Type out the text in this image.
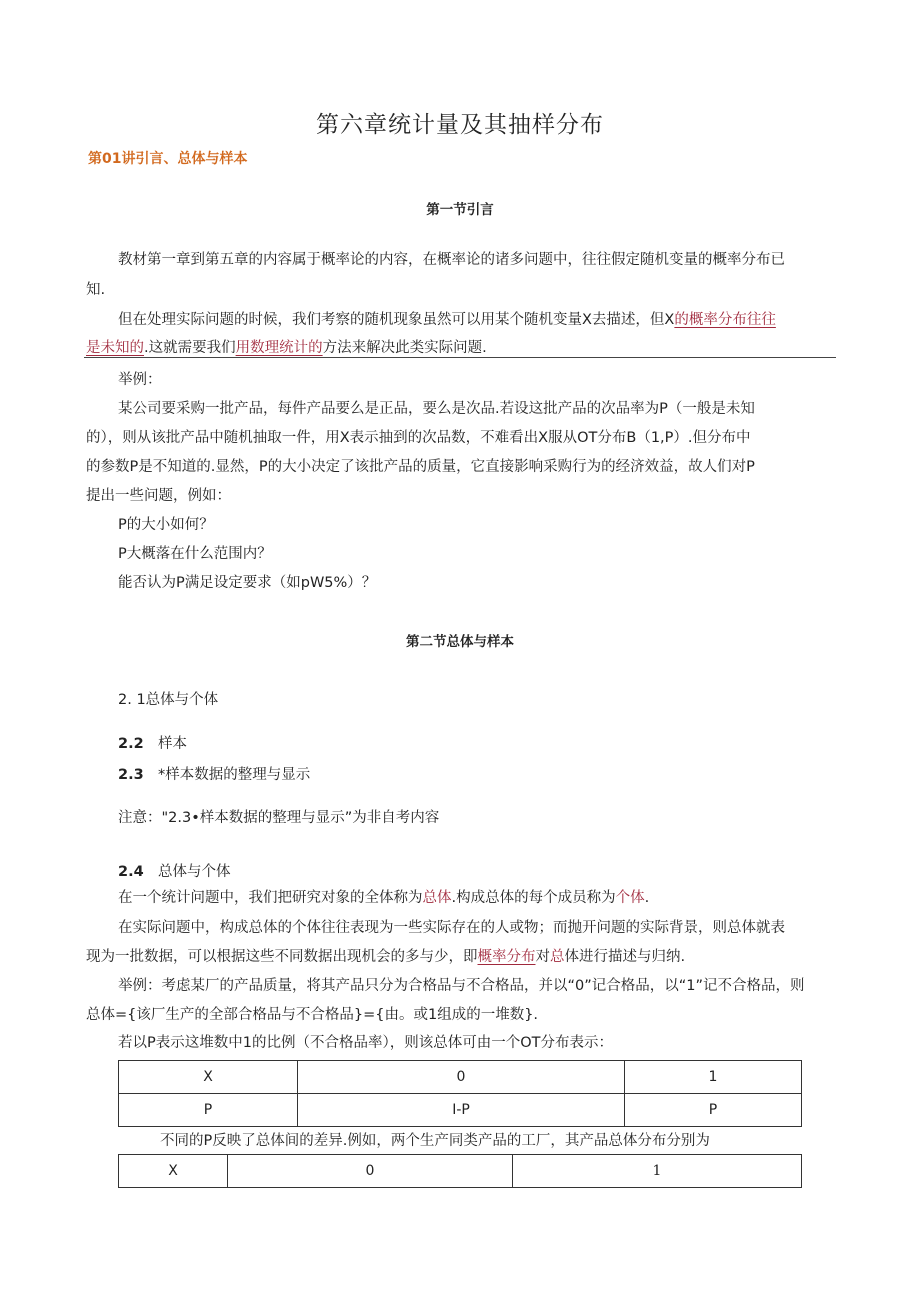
第六章统计量及其抽样分布
第01讲引言、总体与样本
第一节引言
教材第一章到第五章的内容属于概率论的内容，在概率论的诸多问题中，往往假定随机变量的概率分布已
知.
但在处理实际问题的时候，我们考察的随机现象虽然可以用某个随机变量X去描述，但X的概率分布往往
是未知的.这就需要我们用数理统计的方法来解决此类实际问题.
举例：
某公司要采购一批产品，每件产品要么是正品，要么是次品.若设这批产品的次品率为P（一般是未知
的），则从该批产品中随机抽取一件，用X表示抽到的次品数，不难看出X服从OT分布B（1,P）.但分布中
的参数P是不知道的.显然，P的大小决定了该批产品的质量，它直接影响采购行为的经济效益，故人们对P
提出一些问题，例如：
P的大小如何？
P大概落在什么范围内？
能否认为P满足设定要求（如pW5%）？
第二节总体与样本
2. 1总体与个体
2.2 样本
2.3 *样本数据的整理与显示
注意："2.3•样本数据的整理与显示”为非自考内容
2.4 总体与个体
在一个统计问题中，我们把研究对象的全体称为总体.构成总体的每个成员称为个体.
在实际问题中，构成总体的个体往往表现为一些实际存在的人或物；而抛开问题的实际背景，则总体就表
现为一批数据，可以根据这些不同数据出现机会的多与少，即概率分布对总体进行描述与归纳.
举例：考虑某厂的产品质量，将其产品只分为合格品与不合格品，并以“0”记合格品，以“1”记不合格品，则
总体={该厂生产的全部合格品与不合格品}={由。或1组成的一堆数}.
若以P表示这堆数中1的比例（不合格品率），则该总体可由一个OT分布表示：
X	0	1
P	I-P	P
不同的P反映了总体间的差异.例如，两个生产同类产品的工厂，其产品总体分布分别为
X	0	1
